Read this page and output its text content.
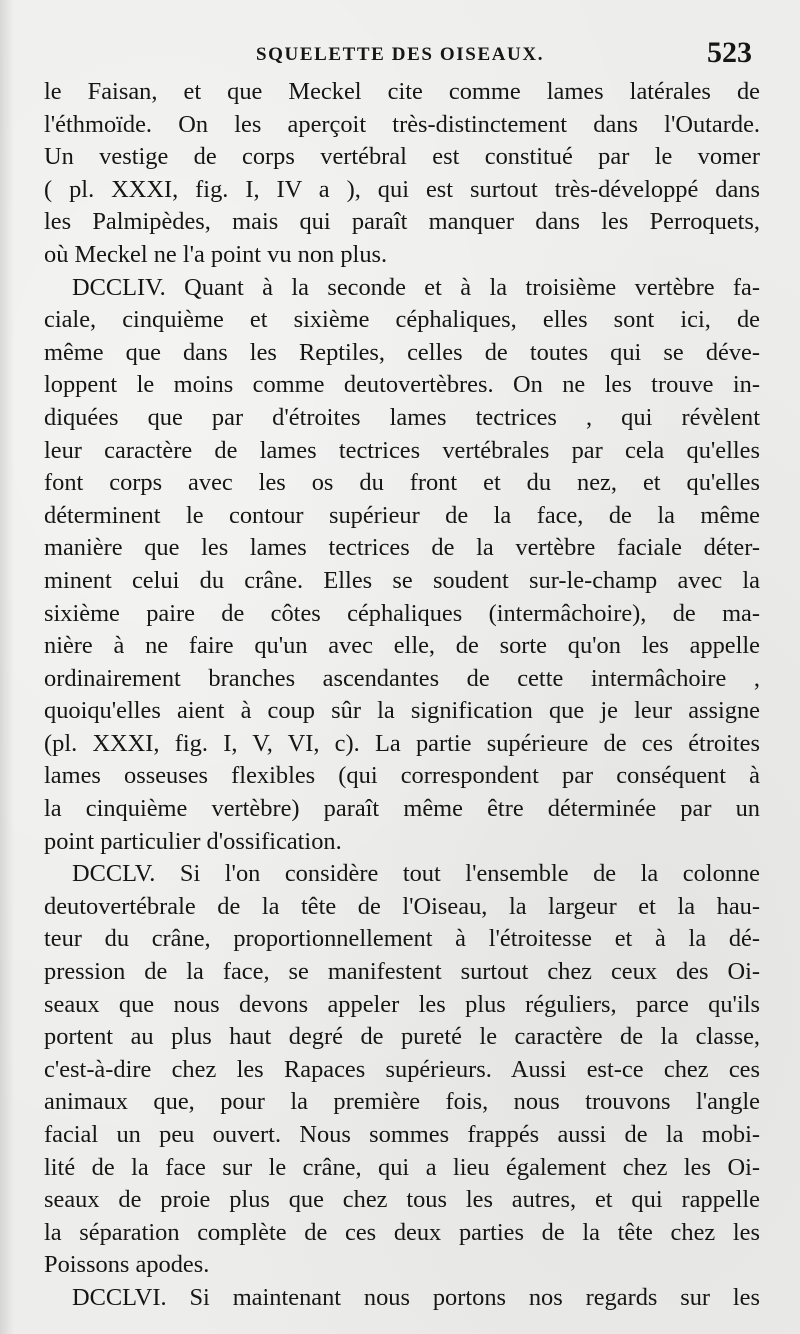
SQUELETTE DES OISEAUX.	523
le Faisan, et que Meckel cite comme lames latérales de
l'éthmoïde. On les aperçoit très-distinctement dans l'Outarde.
Un vestige de corps vertébral est constitué par le vomer
( pl. XXXI, fig. I, IV a ), qui est surtout très-développé dans
les Palmipèdes, mais qui paraît manquer dans les Perroquets,
où Meckel ne l'a point vu non plus.
DCCLIV. Quant à la seconde et à la troisième vertèbre fa-
ciale, cinquième et sixième céphaliques, elles sont ici, de
même que dans les Reptiles, celles de toutes qui se déve-
loppent le moins comme deutovertèbres. On ne les trouve in-
diquées que par d'étroites lames tectrices , qui révèlent
leur caractère de lames tectrices vertébrales par cela qu'elles
font corps avec les os du front et du nez, et qu'elles
déterminent le contour supérieur de la face, de la même
manière que les lames tectrices de la vertèbre faciale déter-
minent celui du crâne. Elles se soudent sur-le-champ avec la
sixième paire de côtes céphaliques (intermâchoire), de ma-
nière à ne faire qu'un avec elle, de sorte qu'on les appelle
ordinairement branches ascendantes de cette intermâchoire ,
quoiqu'elles aient à coup sûr la signification que je leur assigne
(pl. XXXI, fig. I, V, VI, c). La partie supérieure de ces étroites
lames osseuses flexibles (qui correspondent par conséquent à
la cinquième vertèbre) paraît même être déterminée par un
point particulier d'ossification.
DCCLV. Si l'on considère tout l'ensemble de la colonne
deutovertébrale de la tête de l'Oiseau, la largeur et la hau-
teur du crâne, proportionnellement à l'étroitesse et à la dé-
pression de la face, se manifestent surtout chez ceux des Oi-
seaux que nous devons appeler les plus réguliers, parce qu'ils
portent au plus haut degré de pureté le caractère de la classe,
c'est-à-dire chez les Rapaces supérieurs. Aussi est-ce chez ces
animaux que, pour la première fois, nous trouvons l'angle
facial un peu ouvert. Nous sommes frappés aussi de la mobi-
lité de la face sur le crâne, qui a lieu également chez les Oi-
seaux de proie plus que chez tous les autres, et qui rappelle
la séparation complète de ces deux parties de la tête chez les
Poissons apodes.
DCCLVI. Si maintenant nous portons nos regards sur les
